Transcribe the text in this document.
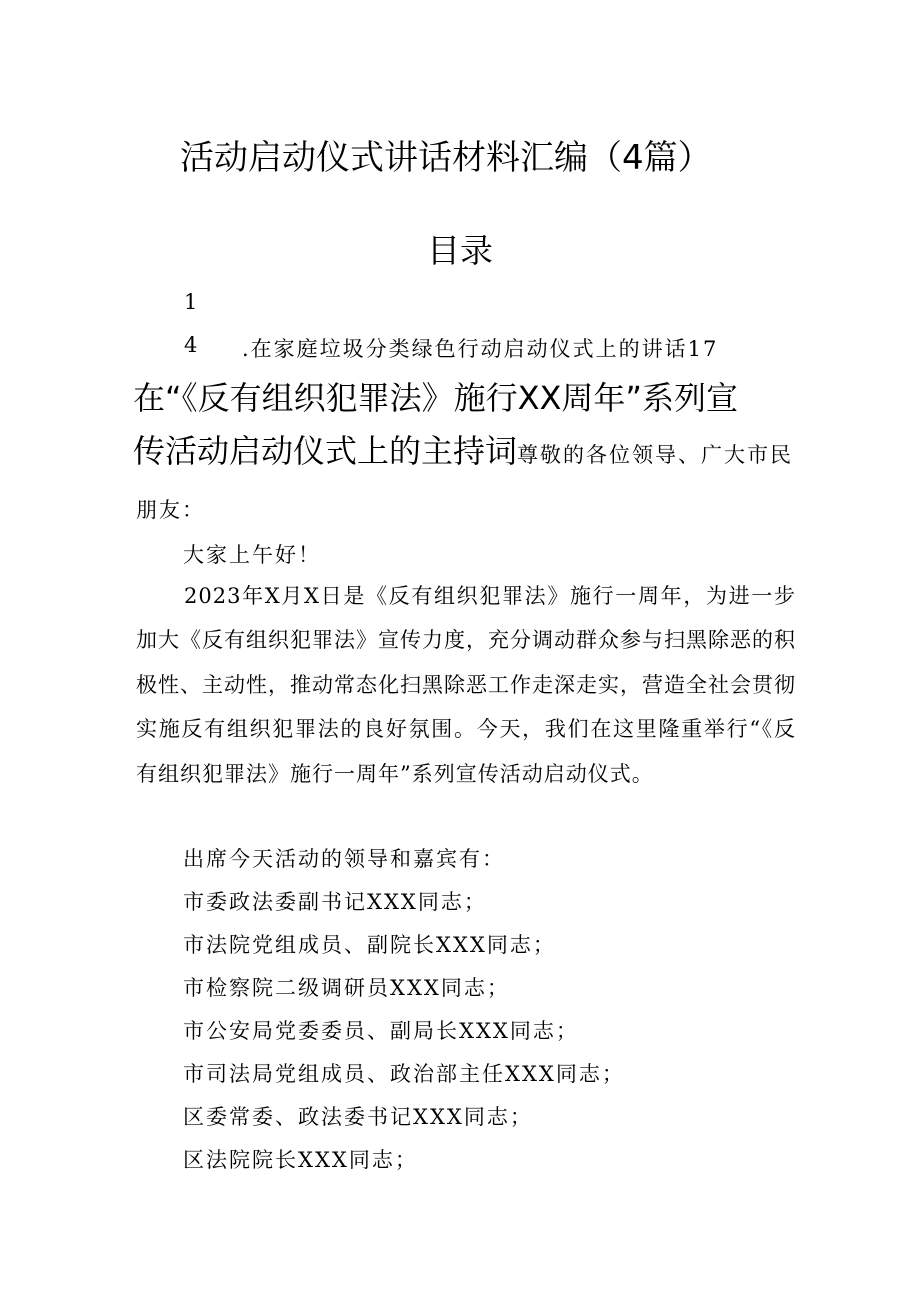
活动启动仪式讲话材料汇编（4篇）
目录
1
4 .在家庭垃圾分类绿色行动启动仪式上的讲话17
在“《反有组织犯罪法》施行XX周年”系列宣
传活动启动仪式上的主持词尊敬的各位领导、广大市民
朋友：
大家上午好！
2023年X月X日是《反有组织犯罪法》施行一周年，为进一步加大《反有组织犯罪法》宣传力度，充分调动群众参与扫黑除恶的积极性、主动性，推动常态化扫黑除恶工作走深走实，营造全社会贯彻实施反有组织犯罪法的良好氛围。今天，我们在这里隆重举行“《反有组织犯罪法》施行一周年”系列宣传活动启动仪式。
出席今天活动的领导和嘉宾有：
市委政法委副书记XXX同志；
市法院党组成员、副院长XXX同志；
市检察院二级调研员XXX同志；
市公安局党委委员、副局长XXX同志；
市司法局党组成员、政治部主任XXX同志；
区委常委、政法委书记XXX同志；
区法院院长XXX同志；
